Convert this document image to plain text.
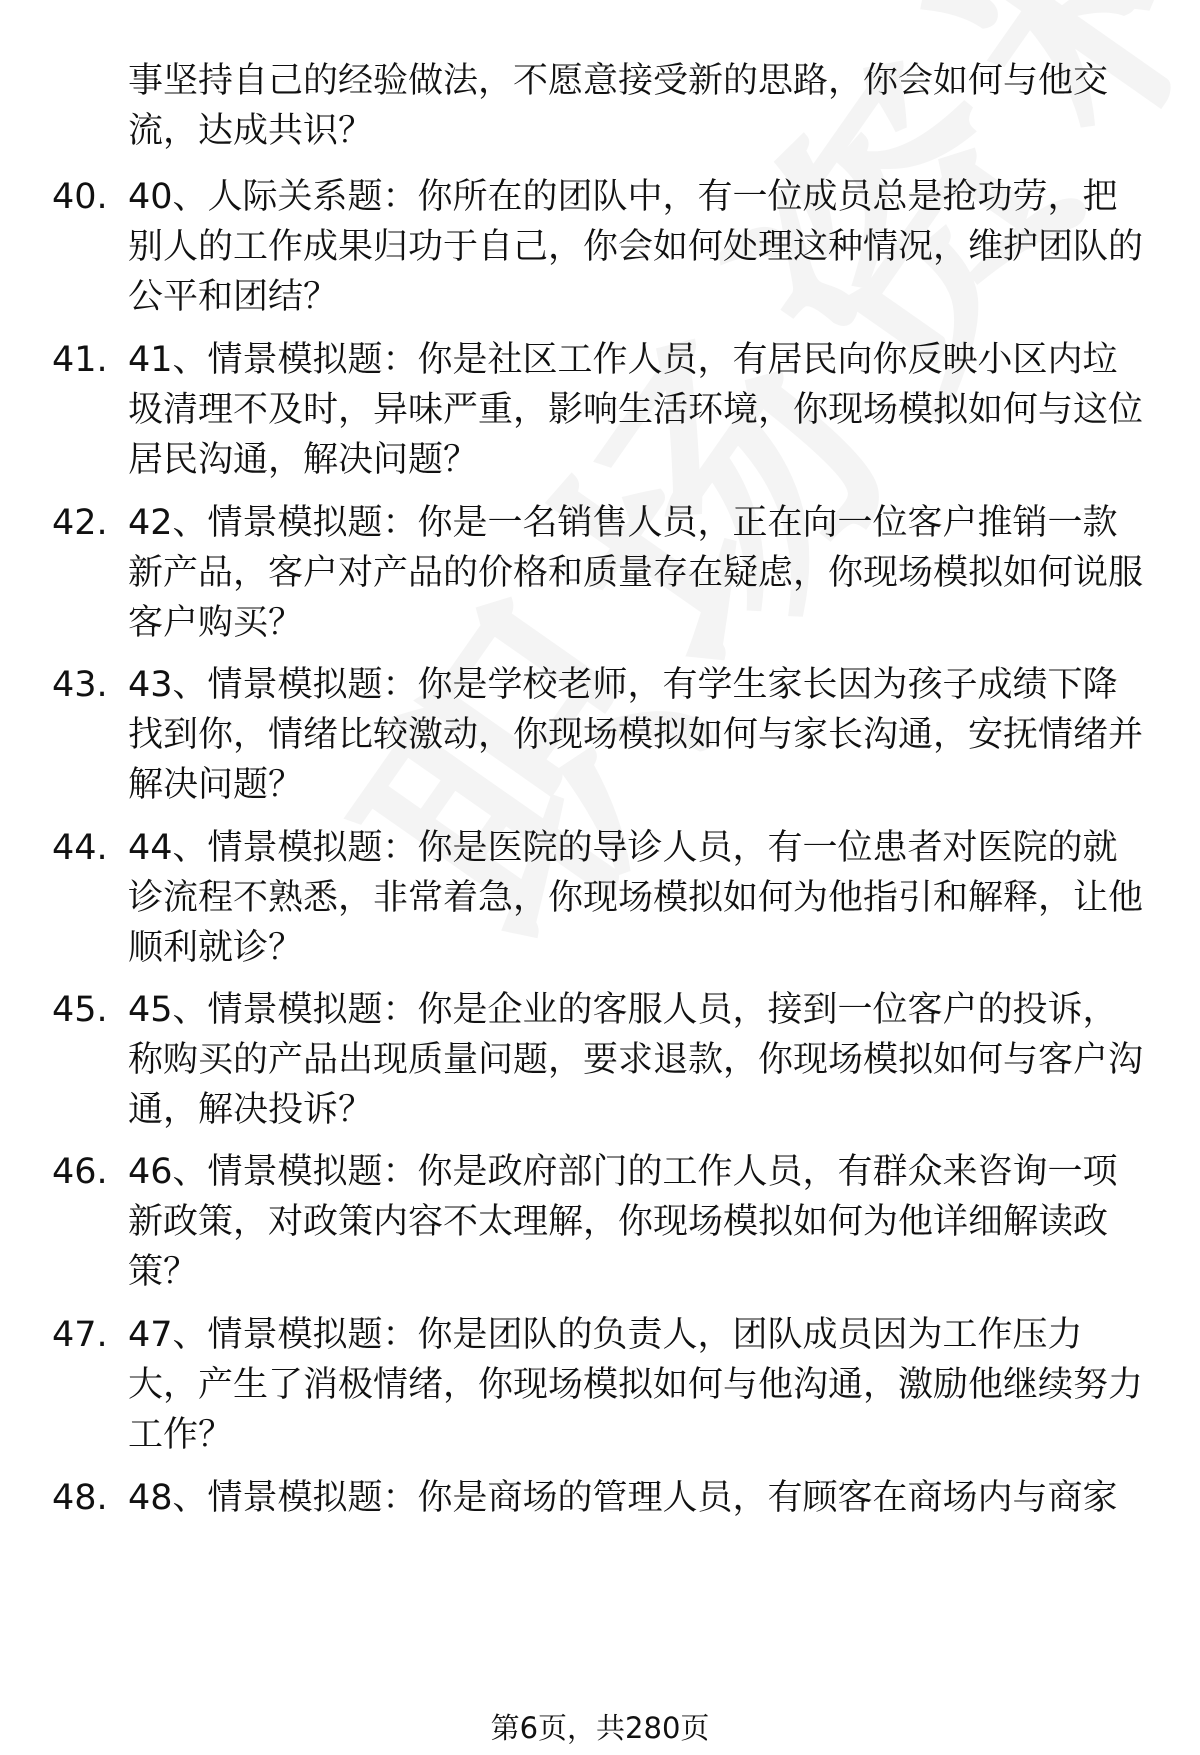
事坚持自己的经验做法，不愿意接受新的思路，你会如何与他交流，达成共识？
40. 40、人际关系题：你所在的团队中，有一位成员总是抢功劳，把别人的工作成果归功于自己，你会如何处理这种情况，维护团队的公平和团结？
41. 41、情景模拟题：你是社区工作人员，有居民向你反映小区内垃圾清理不及时，异味严重，影响生活环境，你现场模拟如何与这位居民沟通，解决问题？
42. 42、情景模拟题：你是一名销售人员，正在向一位客户推销一款新产品，客户对产品的价格和质量存在疑虑，你现场模拟如何说服客户购买？
43. 43、情景模拟题：你是学校老师，有学生家长因为孩子成绩下降找到你，情绪比较激动，你现场模拟如何与家长沟通，安抚情绪并解决问题？
44. 44、情景模拟题：你是医院的导诊人员，有一位患者对医院的就诊流程不熟悉，非常着急，你现场模拟如何为他指引和解释，让他顺利就诊？
45. 45、情景模拟题：你是企业的客服人员，接到一位客户的投诉，称购买的产品出现质量问题，要求退款，你现场模拟如何与客户沟通，解决投诉？
46. 46、情景模拟题：你是政府部门的工作人员，有群众来咨询一项新政策，对政策内容不太理解，你现场模拟如何为他详细解读政策？
47. 47、情景模拟题：你是团队的负责人，团队成员因为工作压力大，产生了消极情绪，你现场模拟如何与他沟通，激励他继续努力工作？
48. 48、情景模拟题：你是商场的管理人员，有顾客在商场内与商家
第6页，共280页
